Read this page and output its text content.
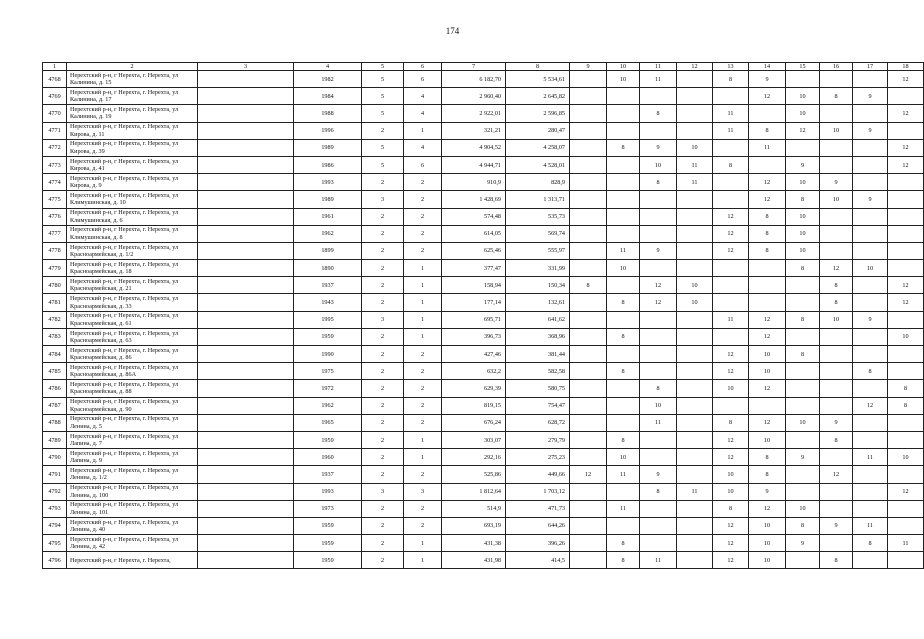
174
1	2	3	4	5	6	7	8	9	10	11	12	13	14	15	16	17	18
4768	Нерехтский р-н, г Нерехта, г. Нерехта, ул Калинина, д. 15		1982	5	6	6 182,70	5 534,61		10	11		8	9				12
4769	Нерехтский р-н, г Нерехта, г. Нерехта, ул Калинина, д. 17		1984	5	4	2 960,40	2 645,82						12	10	8	9	
4770	Нерехтский р-н, г Нерехта, г. Нерехта, ул Калинина, д. 19		1988	5	4	2 922,01	2 596,85			8		11		10			12
4771	Нерехтский р-н, г Нерехта, г. Нерехта, ул Кирова, д. 11		1996	2	1	321,21	280,47					11	8	12	10	9	
4772	Нерехтский р-н, г Нерехта, г. Нерехта, ул Кирова, д. 39		1989	5	4	4 904,52	4 258,07		8	9	10		11				12
4773	Нерехтский р-н, г Нерехта, г. Нерехта, ул Кирова, д. 41		1986	5	6	4 944,71	4 528,01			10	11	8		9			12
4774	Нерехтский р-н, г Нерехта, г. Нерехта, ул Кирова, д. 9		1993	2	2	910,9	828,9			8	11		12	10	9		
4775	Нерехтский р-н, г Нерехта, г. Нерехта, ул Климушинская, д. 10		1989	3	2	1 428,69	1 313,71						12	8	10	9	
4776	Нерехтский р-н, г Нерехта, г. Нерехта, ул Климушинская, д. 6		1961	2	2	574,48	535,73					12	8	10			
4777	Нерехтский р-н, г Нерехта, г. Нерехта, ул Климушинская, д. 8		1962	2	2	614,05	569,74					12	8	10			
4778	Нерехтский р-н, г Нерехта, г. Нерехта, ул Красноармейская, д. 1/2		1899	2	2	625,46	555,97		11	9		12	8	10			
4779	Нерехтский р-н, г Нерехта, г. Нерехта, ул Красноармейская, д. 18		1890	2	1	377,47	331,99		10					8	12	10	
4780	Нерехтский р-н, г Нерехта, г. Нерехта, ул Красноармейская, д. 21		1937	2	1	158,94	150,34	8		12	10				8		12
4781	Нерехтский р-н, г Нерехта, г. Нерехта, ул Красноармейская, д. 33		1943	2	1	177,14	132,61		8	12	10				8		12
4782	Нерехтский р-н, г Нерехта, г. Нерехта, ул Красноармейская, д. 61		1995	3	1	695,71	641,62					11	12	8	10	9	
4783	Нерехтский р-н, г Нерехта, г. Нерехта, ул Красноармейская, д. 63		1959	2	1	396,73	368,96		8				12				10
4784	Нерехтский р-н, г Нерехта, г. Нерехта, ул Красноармейская, д. 86		1990	2	2	427,46	381,44					12	10	8			
4785	Нерехтский р-н, г Нерехта, г. Нерехта, ул Красноармейская, д. 86А		1975	2	2	632,2	582,58		8			12	10			8	
4786	Нерехтский р-н, г Нерехта, г. Нерехта, ул Красноармейская, д. 88		1972	2	2	629,39	580,75			8		10	12				8
4787	Нерехтский р-н, г Нерехта, г. Нерехта, ул Красноармейская, д. 90		1962	2	2	819,15	754,47			10						12	8
4788	Нерехтский р-н, г Нерехта, г. Нерехта, ул Ленина, д. 5		1965	2	2	676,24	628,72			11		8	12	10	9		
4789	Нерехтский р-н, г Нерехта, г. Нерехта, ул Лапина, д. 7		1959	2	1	303,07	279,79		8			12	10		8		
4790	Нерехтский р-н, г Нерехта, г. Нерехта, ул Лапина, д. 9		1960	2	1	292,16	275,23		10			12	8	9		11	10
4791	Нерехтский р-н, г Нерехта, г. Нерехта, ул Ленина, д. 1/2		1937	2	2	525,86	449,66	12	11	9		10	8		12		
4792	Нерехтский р-н, г Нерехта, г. Нерехта, ул Ленина, д. 100		1993	3	3	1 812,64	1 703,12			8	11	10	9				12
4793	Нерехтский р-н, г Нерехта, г. Нерехта, ул Ленина, д. 101		1973	2	2	514,9	471,73		11			8	12	10			
4794	Нерехтский р-н, г Нерехта, г. Нерехта, ул Ленина, д. 40		1959	2	2	693,19	644,26					12	10	8	9	11	
4795	Нерехтский р-н, г Нерехта, г. Нерехта, ул Ленина, д. 42		1959	2	1	431,38	396,26		8			12	10	9		8	11
4796	Нерехтский р-н, г Нерехта, г. Нерехта,		1959	2	1	431,98	414,5		8	11		12	10		8		
